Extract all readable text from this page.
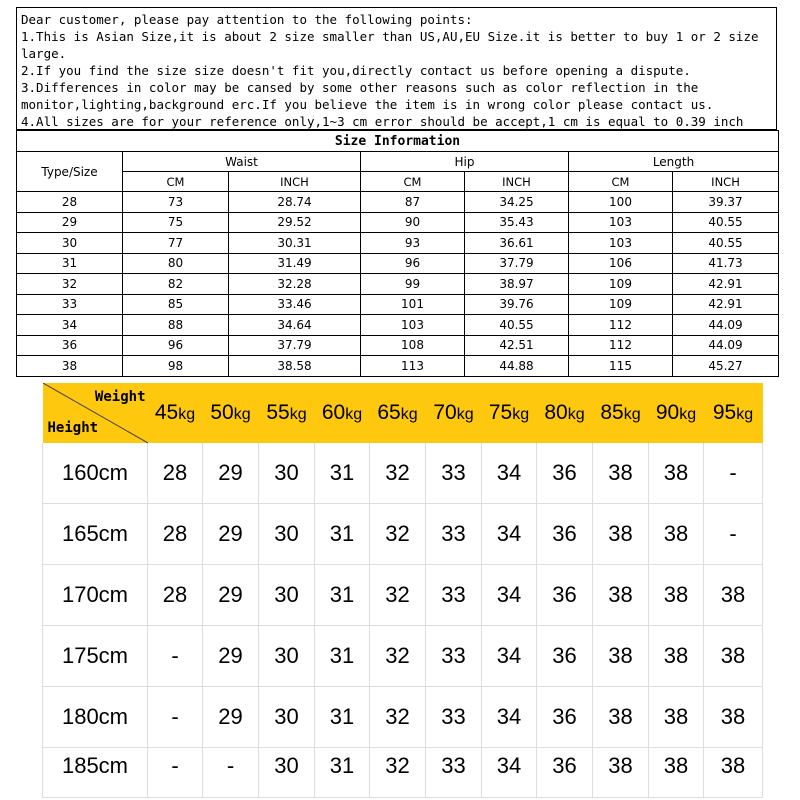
Dear customer, please pay attention to the following points:
1.This is Asian Size,it is about 2 size smaller than US,AU,EU Size.it is better to buy 1 or 2 size large.
2.If you find the size size doesn't fit you,directly contact us before opening a dispute.
3.Differences in color may be cansed by some other reasons such as color reflection in the
monitor,lighting,background erc.If you believe the item is in wrong color please contact us.
4.All sizes are for your reference only,1~3 cm error should be accept,1 cm is equal to 0.39 inch
Size Information						
Type/Size	Waist		Hip		Length	
	CM	INCH	CM	INCH	CM	INCH
28	73	28.74	87	34.25	100	39.37
29	75	29.52	90	35.43	103	40.55
30	77	30.31	93	36.61	103	40.55
31	80	31.49	96	37.79	106	41.73
32	82	32.28	99	38.97	109	42.91
33	85	33.46	101	39.76	109	42.91
34	88	34.64	103	40.55	112	44.09
36	96	37.79	108	42.51	112	44.09
38	98	38.58	113	44.88	115	45.27
Weight
Height	45kg	50kg	55kg	60kg	65kg	70kg	75kg	80kg	85kg	90kg	95kg
160cm	28	29	30	31	32	33	34	36	38	38	-
165cm	28	29	30	31	32	33	34	36	38	38	-
170cm	28	29	30	31	32	33	34	36	38	38	38
175cm	-	29	30	31	32	33	34	36	38	38	38
180cm	-	29	30	31	32	33	34	36	38	38	38
185cm	-	-	30	31	32	33	34	36	38	38	38
